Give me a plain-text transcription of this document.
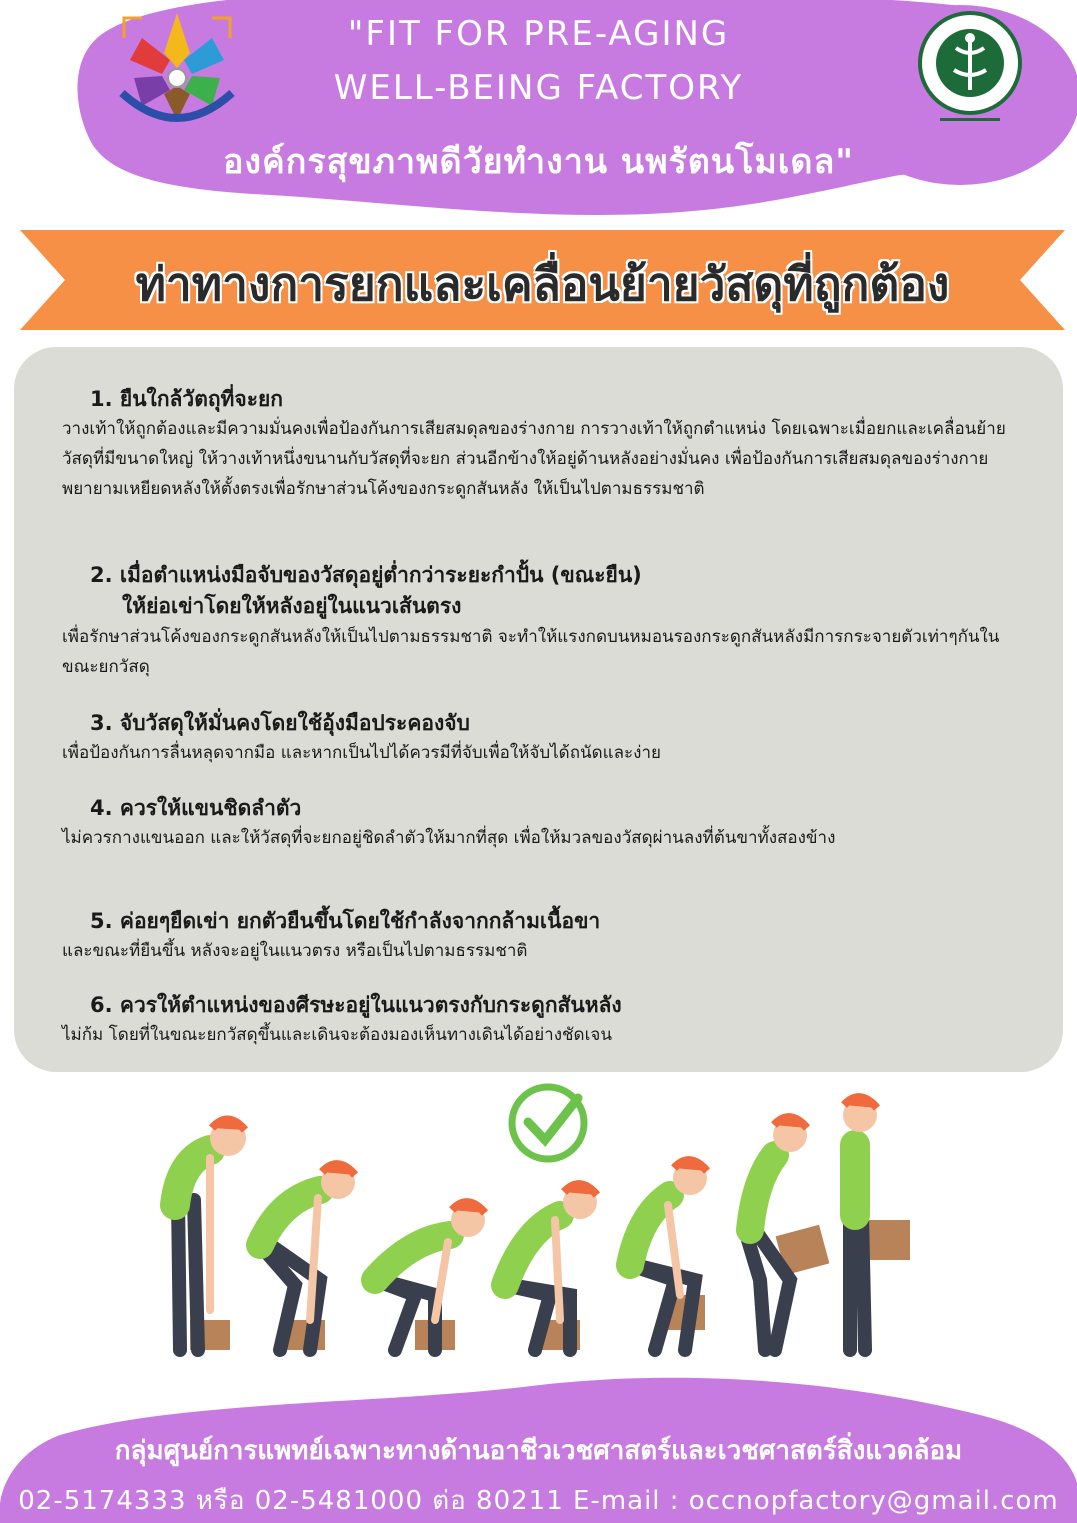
"FIT FOR PRE-AGING
WELL-BEING FACTORY
องค์กรสุขภาพดีวัยทำงาน นพรัตนโมเดล"
ท่าทางการยกและเคลื่อนย้ายวัสดุที่ถูกต้อง
1. ยืนใกล้วัตถุที่จะยก
วางเท้าให้ถูกต้องและมีความมั่นคงเพื่อป้องกันการเสียสมดุลของร่างกาย การวางเท้าให้ถูกตำแหน่ง โดยเฉพาะเมื่อยกและเคลื่อนย้ายวัสดุที่มีขนาดใหญ่ ให้วางเท้าหนึ่งขนานกับวัสดุที่จะยก ส่วนอีกข้างให้อยู่ด้านหลังอย่างมั่นคง เพื่อป้องกันการเสียสมดุลของร่างกาย พยายามเหยียดหลังให้ตั้งตรงเพื่อรักษาส่วนโค้งของกระดูกสันหลัง ให้เป็นไปตามธรรมชาติ
2. เมื่อตำแหน่งมือจับของวัสดุอยู่ต่ำกว่าระยะกำปั้น (ขณะยืน)
ให้ย่อเข่าโดยให้หลังอยู่ในแนวเส้นตรง
เพื่อรักษาส่วนโค้งของกระดูกสันหลังให้เป็นไปตามธรรมชาติ จะทำให้แรงกดบนหมอนรองกระดูกสันหลังมีการกระจายตัวเท่าๆกันในขณะยกวัสดุ
3. จับวัสดุให้มั่นคงโดยใช้อุ้งมือประคองจับ
เพื่อป้องกันการลื่นหลุดจากมือ และหากเป็นไปได้ควรมีที่จับเพื่อให้จับได้ถนัดและง่าย
4. ควรให้แขนชิดลำตัว
ไม่ควรกางแขนออก และให้วัสดุที่จะยกอยู่ชิดลำตัวให้มากที่สุด เพื่อให้มวลของวัสดุผ่านลงที่ต้นขาทั้งสองข้าง
5. ค่อยๆยืดเข่า ยกตัวยืนขึ้นโดยใช้กำลังจากกล้ามเนื้อขา
และขณะที่ยืนขึ้น หลังจะอยู่ในแนวตรง หรือเป็นไปตามธรรมชาติ
6. ควรให้ตำแหน่งของศีรษะอยู่ในแนวตรงกับกระดูกสันหลัง
ไม่ก้ม โดยที่ในขณะยกวัสดุขึ้นและเดินจะต้องมองเห็นทางเดินได้อย่างชัดเจน
กลุ่มศูนย์การแพทย์เฉพาะทางด้านอาชีวเวชศาสตร์และเวชศาสตร์สิ่งแวดล้อม
02-5174333 หรือ 02-5481000 ต่อ 80211 E-mail : occnopfactory@gmail.com
